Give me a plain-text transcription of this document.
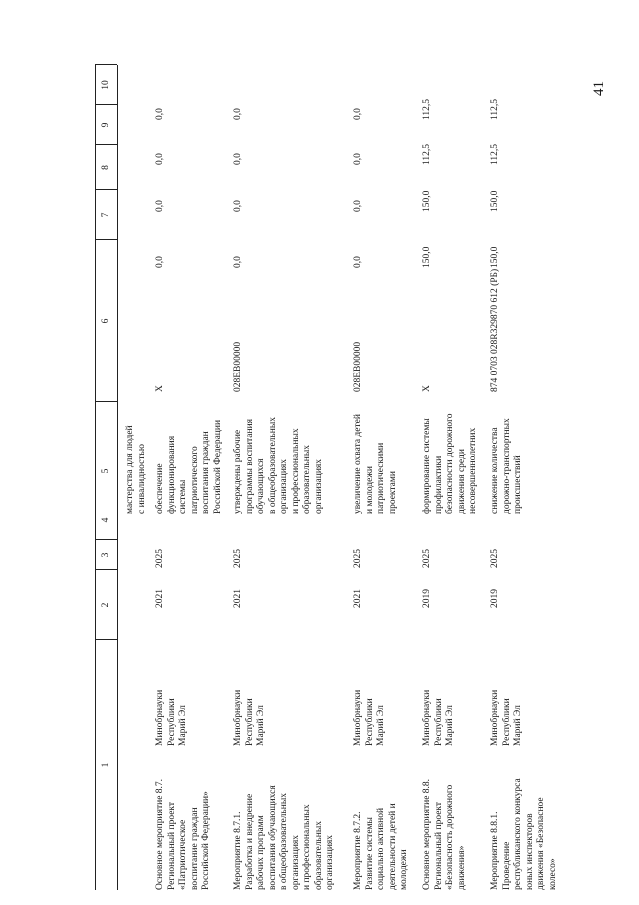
41
1
2
3
4
5
6
7
8
9
10
мастерства для людей
с инвалидностью
Основное мероприятие 8.7.
Региональный проект
«Патриотическое
воспитание граждан
Российской Федерации»
Минобрнауки
Республики
Марий Эл
2021
2025
обеспечение
функционирования
системы
патриотического
воспитания граждан
Российской Федерации
Х
0,0
0,0
0,0
0,0
Мероприятие 8.7.1.
Разработка и внедрение
рабочих программ
воспитания обучающихся
в общеобразовательных
организациях
и профессиональных
образовательных
организациях
Минобрнауки
Республики
Марий Эл
2021
2025
утверждены рабочие
программы воспитания
обучающихся
в общеобразовательных
организациях
и профессиональных
образовательных
организациях
028ЕВ00000
0,0
0,0
0,0
0,0
Мероприятие 8.7.2.
Развитие системы
социально активной
деятельности детей и
молодежи
Минобрнауки
Республики
Марий Эл
2021
2025
увеличение охвата детей
и молодежи
патриотическими
проектами
028ЕВ00000
0,0
0,0
0,0
0,0
Основное мероприятие 8.8.
Региональный проект
«Безопасность дорожного
движения»
Минобрнауки
Республики
Марий Эл
2019
2025
формирование системы
профилактики
безопасности дорожного
движения среди
несовершеннолетних
Х
150,0
150,0
112,5
112,5
Мероприятие 8.8.1.
Проведение
республиканского конкурса
юных инспекторов
движения «Безопасное
колесо»
Минобрнауки
Республики
Марий Эл
2019
2025
снижение количества
дорожно-транспортных
происшествий
874 0703 028R329870 612 (РБ)
150,0
150,0
112,5
112,5
